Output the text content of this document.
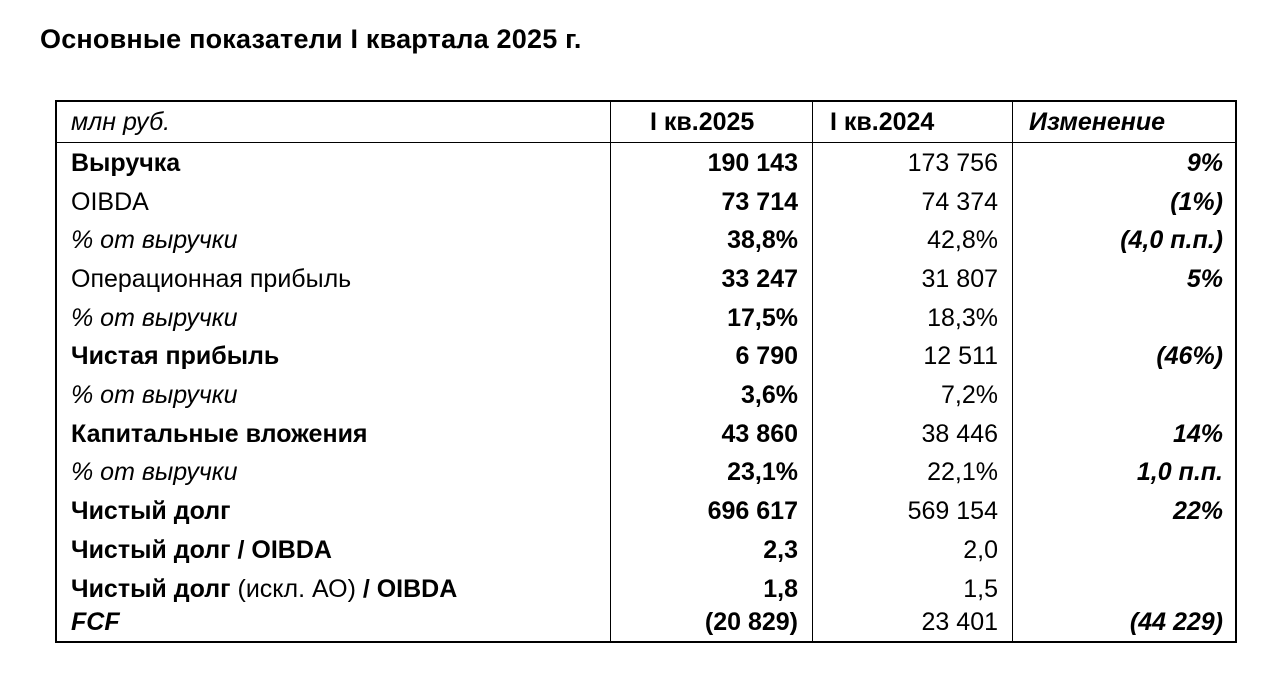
Основные показатели I квартала 2025 г.
млн руб.	I кв.2025	I кв.2024	Изменение
Выручка	190 143	173 756	9%
OIBDA	73 714	74 374	(1%)
% от выручки	38,8%	42,8%	(4,0 п.п.)
Операционная прибыль	33 247	31 807	5%
% от выручки	17,5%	18,3%
Чистая прибыль	6 790	12 511	(46%)
% от выручки	3,6%	7,2%
Капитальные вложения	43 860	38 446	14%
% от выручки	23,1%	22,1%	1,0 п.п.
Чистый долг	696 617	569 154	22%
Чистый долг / OIBDA	2,3	2,0
Чистый долг (искл. АО) / OIBDA	1,8	1,5
FCF	(20 829)	23 401	(44 229)
